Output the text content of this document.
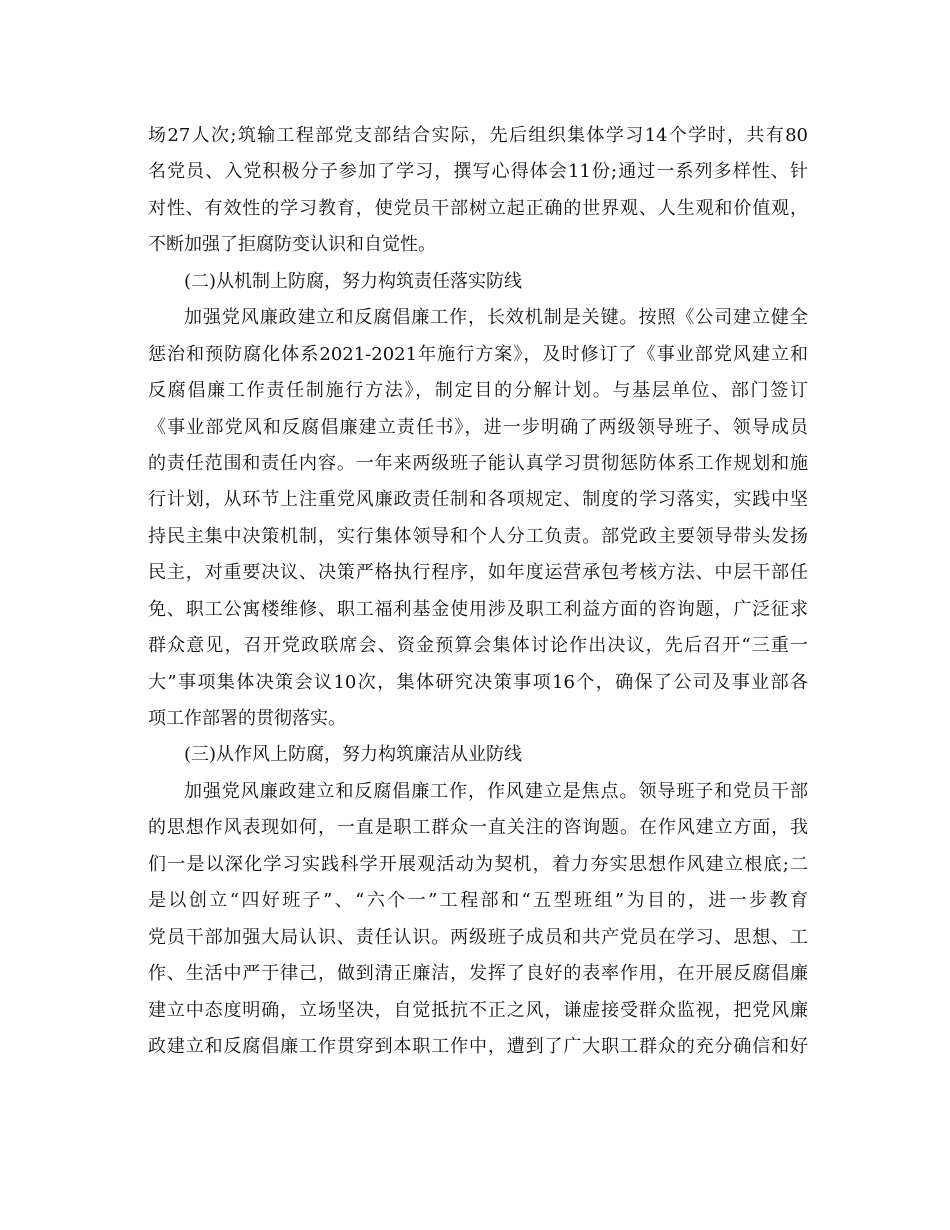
场27人次;筑输工程部党支部结合实际，先后组织集体学习14个学时，共有80
名党员、入党积极分子参加了学习，撰写心得体会11份;通过一系列多样性、针
对性、有效性的学习教育，使党员干部树立起正确的世界观、人生观和价值观，
不断加强了拒腐防变认识和自觉性。
(二)从机制上防腐，努力构筑责任落实防线
加强党风廉政建立和反腐倡廉工作，长效机制是关键。按照《公司建立健全
惩治和预防腐化体系2021-2021年施行方案》，及时修订了《事业部党风建立和
反腐倡廉工作责任制施行方法》，制定目的分解计划。与基层单位、部门签订
《事业部党风和反腐倡廉建立责任书》，进一步明确了两级领导班子、领导成员
的责任范围和责任内容。一年来两级班子能认真学习贯彻惩防体系工作规划和施
行计划，从环节上注重党风廉政责任制和各项规定、制度的学习落实，实践中坚
持民主集中决策机制，实行集体领导和个人分工负责。部党政主要领导带头发扬
民主，对重要决议、决策严格执行程序，如年度运营承包考核方法、中层干部任
免、职工公寓楼维修、职工福利基金使用涉及职工利益方面的咨询题，广泛征求
群众意见，召开党政联席会、资金预算会集体讨论作出决议，先后召开“三重一
大”事项集体决策会议10次，集体研究决策事项16个，确保了公司及事业部各
项工作部署的贯彻落实。
(三)从作风上防腐，努力构筑廉洁从业防线
加强党风廉政建立和反腐倡廉工作，作风建立是焦点。领导班子和党员干部
的思想作风表现如何，一直是职工群众一直关注的咨询题。在作风建立方面，我
们一是以深化学习实践科学开展观活动为契机，着力夯实思想作风建立根底;二
是以创立“四好班子”、“六个一”工程部和“五型班组”为目的，进一步教育
党员干部加强大局认识、责任认识。两级班子成员和共产党员在学习、思想、工
作、生活中严于律己，做到清正廉洁，发挥了良好的表率作用，在开展反腐倡廉
建立中态度明确，立场坚决，自觉抵抗不正之风，谦虚接受群众监视，把党风廉
政建立和反腐倡廉工作贯穿到本职工作中，遭到了广大职工群众的充分确信和好
